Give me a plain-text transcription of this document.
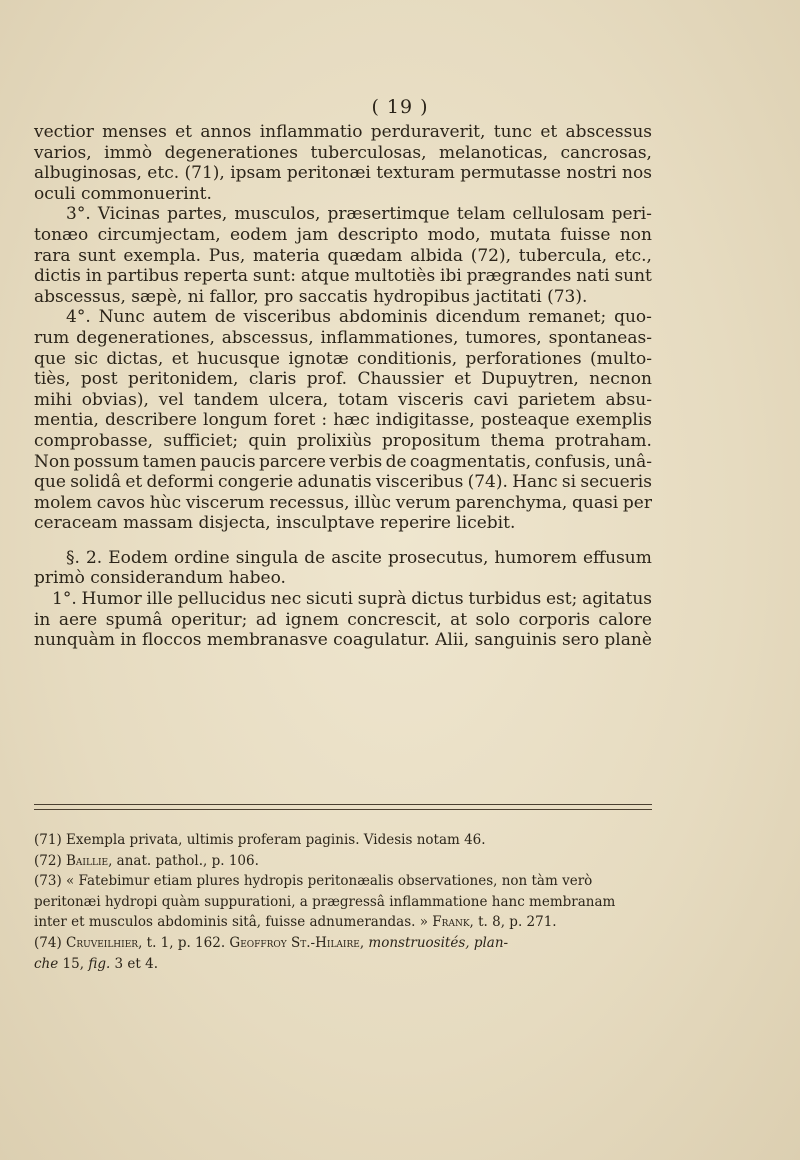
( 19 )
vectior menses et annos inflammatio perduraverit, tunc et abscessus
varios, immò degenerationes tuberculosas, melanoticas, cancrosas,
albuginosas, etc. (71), ipsam peritonæi texturam permutasse nostri nos
oculi commonuerint.
3°. Vicinas partes, musculos, præsertimque telam cellulosam peri-
tonæo circumjectam, eodem jam descripto modo, mutata fuisse non
rara sunt exempla. Pus, materia quædam albida (72), tubercula, etc.,
dictis in partibus reperta sunt: atque multotiès ibi prægrandes nati sunt
abscessus, sæpè, ni fallor, pro saccatis hydropibus jactitati (73).
4°. Nunc autem de visceribus abdominis dicendum remanet; quo-
rum degenerationes, abscessus, inflammationes, tumores, spontaneas-
que sic dictas, et hucusque ignotæ conditionis, perforationes (multo-
tiès, post peritonidem, claris prof. Chaussier et Dupuytren, necnon
mihi obvias), vel tandem ulcera, totam visceris cavi parietem absu-
mentia, describere longum foret : hæc indigitasse, posteaque exemplis
comprobasse, sufficiet; quin prolixiùs propositum thema protraham.
Non possum tamen paucis parcere verbis de coagmentatis, confusis, unâ-
que solidâ et deformi congerie adunatis visceribus (74). Hanc si secueris
molem cavos hùc viscerum recessus, illùc verum parenchyma, quasi per
ceraceam massam disjecta, insculptave reperire licebit.
§. 2. Eodem ordine singula de ascite prosecutus, humorem effusum
primò considerandum habeo.
1°. Humor ille pellucidus nec sicuti suprà dictus turbidus est; agitatus
in aere spumâ operitur; ad ignem concrescit, at solo corporis calore
nunquàm in floccos membranasve coagulatur. Alii, sanguinis sero planè
(71) Exempla privata, ultimis proferam paginis. Videsis notam 46.
(72) Baillie , anat. pathol., p. 106.
(73) « Fatebimur etiam plures hydropis peritonæalis observationes, non tàm verò
peritonæi hydropi quàm suppurationi, a prægressâ inflammatione hanc membranam
inter et musculos abdominis sitâ, fuisse adnumerandas. » Frank , t. 8, p. 271.
(74) Cruveilhier , t. 1, p. 162. Geoffroy St.-Hilaire , monstruosités, plan-
che 15, fig. 3 et 4.
